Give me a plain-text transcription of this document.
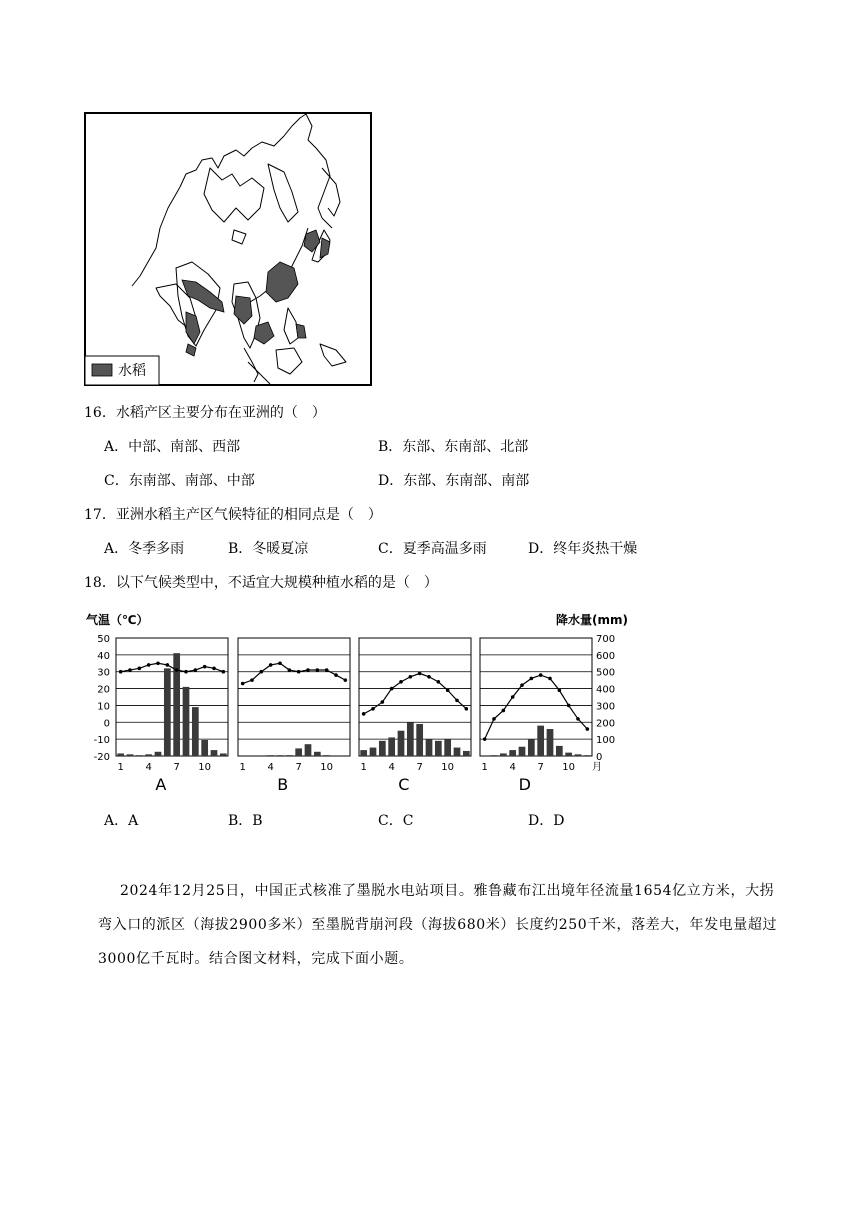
水稻
16．水稻产区主要分布在亚洲的（　）
A．中部、南部、西部	B．东部、东南部、北部
C．东南部、南部、中部	D．东部、东南部、南部
17．亚洲水稻主产区气候特征的相同点是（　）
A．冬季多雨	B．冬暖夏凉	C．夏季高温多雨	D．终年炎热干燥
18．以下气候类型中，不适宜大规模种植水稻的是（　）
气温（℃）	降水量(mm)
50
40
30
20
10
0
-10
-20
700
600
500
400
300
200
100
0
1 4 7 10
A
1 4 7 10
B
1 4 7 10
C
1 4 7 10
D
月
A．A	B．B	C．C	D．D
2024年12月25日，中国正式核准了墨脱水电站项目。雅鲁藏布江出境年径流量1654亿立方米，大拐弯入口的派区（海拔2900多米）至墨脱背崩河段（海拔680米）长度约250千米，落差大，年发电量超过3000亿千瓦时。结合图文材料，完成下面小题。
